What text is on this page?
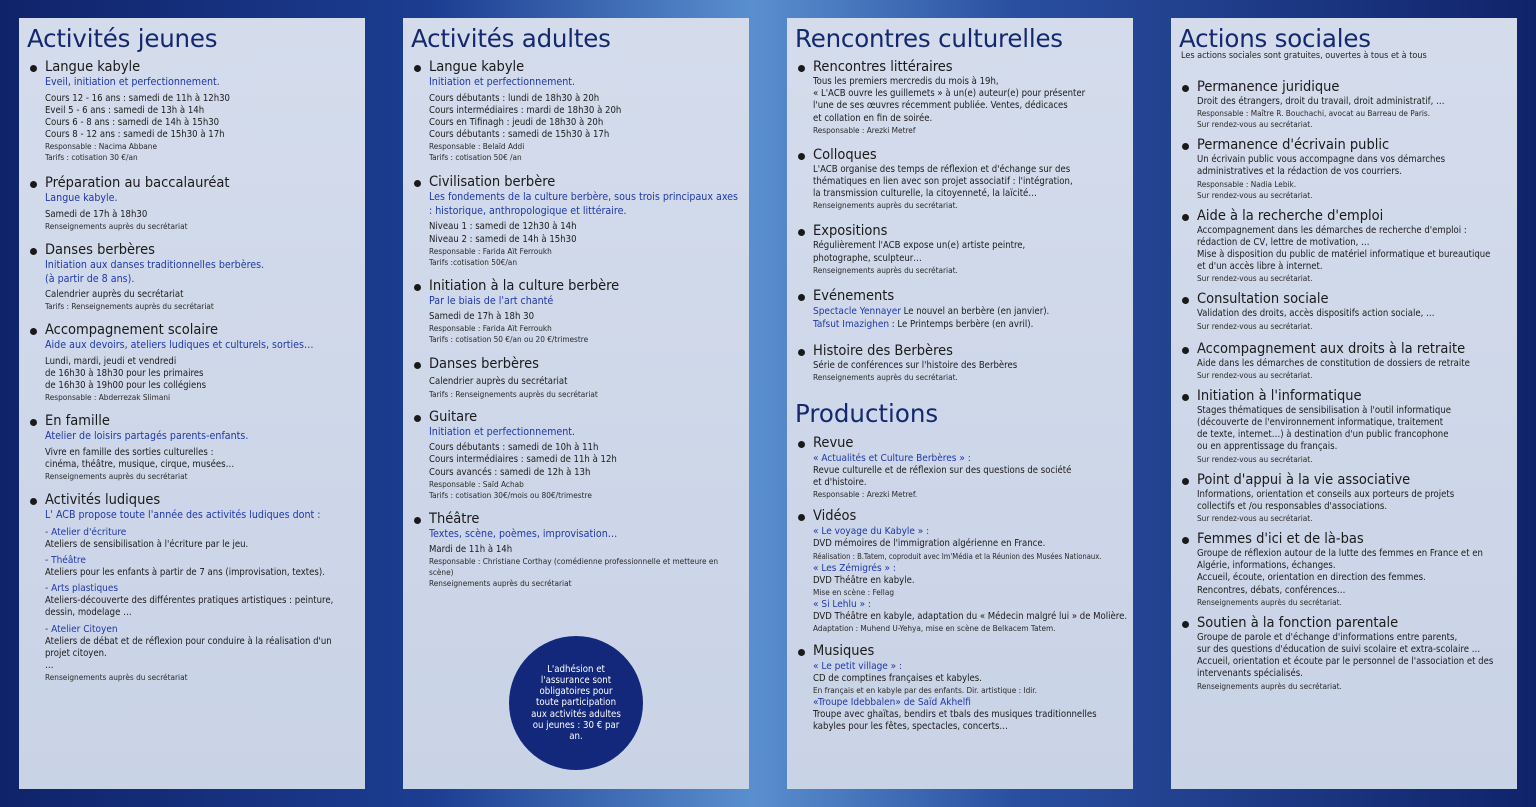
Activités jeunes
Langue kabyle
Eveil, initiation et perfectionnement.
Cours 12 - 16 ans : samedi de 11h à 12h30
Eveil 5 - 6 ans : samedi de 13h à 14h
Cours 6 - 8 ans : samedi de 14h à 15h30
Cours 8 - 12 ans : samedi de 15h30 à 17h
Responsable : Nacima Abbane
Tarifs : cotisation 30 €/an
Préparation au baccalauréat
Langue kabyle.
Samedi de 17h à 18h30
Renseignements auprès du secrétariat
Danses berbères
Initiation aux danses traditionnelles berbères.
(à partir de 8 ans).
Calendrier auprès du secrétariat
Tarifs : Renseignements auprès du secrétariat
Accompagnement scolaire
Aide aux devoirs, ateliers ludiques et culturels, sorties…
Lundi, mardi, jeudi et vendredi
de 16h30 à 18h30 pour les primaires
de 16h30 à 19h00 pour les collégiens
Responsable : Abderrezak Slimani
En famille
Atelier de loisirs partagés parents-enfants.
Vivre en famille des sorties culturelles :
cinéma, théâtre, musique, cirque, musées…
Renseignements auprès du secrétariat
Activités ludiques
L' ACB propose toute l'année des activités ludiques dont :
- Atelier d'écriture
Ateliers de sensibilisation à l'écriture par le jeu.
- Théâtre
Ateliers pour les enfants à partir de 7 ans (improvisation, textes).
- Arts plastiques
Ateliers-découverte des différentes pratiques artistiques : peinture, dessin, modelage …
- Atelier Citoyen
Ateliers de débat et de réflexion pour conduire à la réalisation d'un projet citoyen.
…
Renseignements auprès du secrétariat
Activités adultes
Langue kabyle
Initiation et perfectionnement.
Cours débutants : lundi de 18h30 à 20h
Cours intermédiaires : mardi de 18h30 à 20h
Cours en Tifinagh : jeudi de 18h30 à 20h
Cours débutants : samedi de 15h30 à 17h
Responsable : Belaïd Addi
Tarifs : cotisation 50€ /an
Civilisation berbère
Les fondements de la culture berbère, sous trois principaux axes : historique, anthropologique et littéraire.
Niveau 1 : samedi de 12h30 à 14h
Niveau 2 : samedi de 14h à 15h30
Responsable : Farida Aït Ferroukh
Tarifs :cotisation 50€/an
Initiation à la culture berbère
Par le biais de l'art chanté
Samedi de 17h à 18h 30
Responsable : Farida Aït Ferroukh
Tarifs : cotisation 50 €/an ou 20 €/trimestre
Danses berbères
Calendrier auprès du secrétariat
Tarifs : Renseignements auprès du secrétariat
Guitare
Initiation et perfectionnement.
Cours débutants : samedi de 10h à 11h
Cours intermédiaires : samedi de 11h à 12h
Cours avancés : samedi de 12h à 13h
Responsable : Saïd Achab
Tarifs : cotisation 30€/mois ou 80€/trimestre
Théâtre
Textes, scène, poèmes, improvisation…
Mardi de 11h à 14h
Responsable : Christiane Corthay (comédienne professionnelle et metteure en scène)
Renseignements auprès du secrétariat
L'adhésion et l'assurance sont obligatoires pour toute participation aux activités adultes ou jeunes : 30 € par an.
Rencontres culturelles
Rencontres littéraires
Tous les premiers mercredis du mois à 19h,
« L'ACB ouvre les guillemets » à un(e) auteur(e) pour présenter
l'une de ses œuvres récemment publiée. Ventes, dédicaces
et collation en fin de soirée.
Responsable : Arezki Metref
Colloques
L'ACB organise des temps de réflexion et d'échange sur des
thématiques en lien avec son projet associatif : l'intégration,
la transmission culturelle, la citoyenneté, la laïcité…
Renseignements auprès du secrétariat.
Expositions
Régulièrement l'ACB expose un(e) artiste peintre,
photographe, sculpteur…
Renseignements auprès du secrétariat.
Evénements
Spectacle Yennayer Le nouvel an berbère (en janvier).
Tafsut Imazighen : Le Printemps berbère (en avril).
Histoire des Berbères
Série de conférences sur l'histoire des Berbères
Renseignements auprès du secrétariat.
Productions
Revue
« Actualités et Culture Berbères » :
Revue culturelle et de réflexion sur des questions de société
et d'histoire.
Responsable : Arezki Metref.
Vidéos
« Le voyage du Kabyle » :
DVD mémoires de l'immigration algérienne en France.
Réalisation : B.Tatem, coproduit avec Im'Média et la Réunion des Musées Nationaux.
« Les Zémigrés » :
DVD Théâtre en kabyle.
Mise en scène : Fellag
« Si Lehlu » :
DVD Théâtre en kabyle, adaptation du « Médecin malgré lui » de Molière.
Adaptation : Muhend U-Yehya, mise en scène de Belkacem Tatem.
Musiques
« Le petit village » :
CD de comptines françaises et kabyles.
En français et en kabyle par des enfants. Dir. artistique : Idir.
«Troupe Idebbalen» de Saïd Akhelfi
Troupe avec ghaïtas, bendirs et tbals des musiques traditionnelles
kabyles pour les fêtes, spectacles, concerts…
Actions sociales
Les actions sociales sont gratuites, ouvertes à tous et à tous
Permanence juridique
Droit des étrangers, droit du travail, droit administratif, …
Responsable : Maître R. Bouchachi, avocat au Barreau de Paris.
Sur rendez-vous au secrétariat.
Permanence d'écrivain public
Un écrivain public vous accompagne dans vos démarches
administratives et la rédaction de vos courriers.
Responsable : Nadia Lebik.
Sur rendez-vous au secrétariat.
Aide à la recherche d'emploi
Accompagnement dans les démarches de recherche d'emploi :
rédaction de CV, lettre de motivation, …
Mise à disposition du public de matériel informatique et bureautique
et d'un accès libre à internet.
Sur rendez-vous au secrétariat.
Consultation sociale
Validation des droits, accès dispositifs action sociale, …
Sur rendez-vous au secrétariat.
Accompagnement aux droits à la retraite
Aide dans les démarches de constitution de dossiers de retraite
Sur rendez-vous au secrétariat.
Initiation à l'informatique
Stages thématiques de sensibilisation à l'outil informatique
(découverte de l'environnement informatique, traitement
de texte, internet…) à destination d'un public francophone
ou en apprentissage du français.
Sur rendez-vous au secrétariat.
Point d'appui à la vie associative
Informations, orientation et conseils aux porteurs de projets
collectifs et /ou responsables d'associations.
Sur rendez-vous au secrétariat.
Femmes d'ici et de là-bas
Groupe de réflexion autour de la lutte des femmes en France et en
Algérie, informations, échanges.
Accueil, écoute, orientation en direction des femmes.
Rencontres, débats, conférences…
Renseignements auprès du secrétariat.
Soutien à la fonction parentale
Groupe de parole et d'échange d'informations entre parents,
sur des questions d'éducation de suivi scolaire et extra-scolaire …
Accueil, orientation et écoute par le personnel de l'association et des
intervenants spécialisés.
Renseignements auprès du secrétariat.
